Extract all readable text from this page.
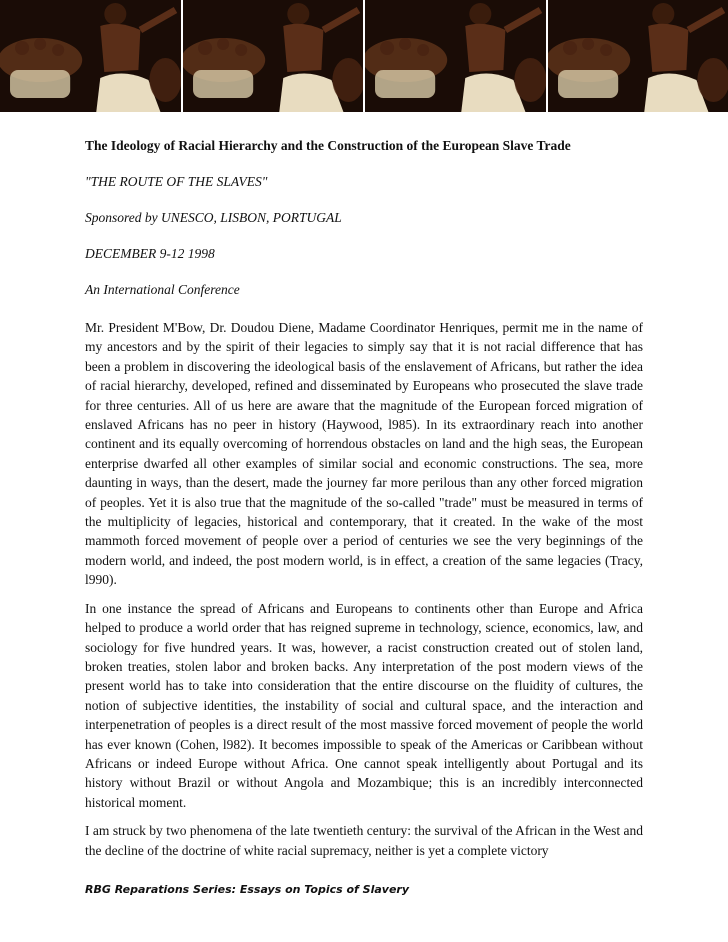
The Ideology of Racial Hierarchy and the Construction of the European Slave Trade

"THE ROUTE OF THE SLAVES"

Sponsored by UNESCO, LISBON, PORTUGAL

DECEMBER 9-12 1998

An International Conference

Mr. President M'Bow, Dr. Doudou Diene, Madame Coordinator Henriques, permit me in the name of my ancestors and by the spirit of their legacies to simply say that it is not racial difference that has been a problem in discovering the ideological basis of the enslavement of Africans, but rather the idea of racial hierarchy, developed, refined and disseminated by Europeans who prosecuted the slave trade for three centuries. All of us here are aware that the magnitude of the European forced migration of enslaved Africans has no peer in history (Haywood, l985). In its extraordinary reach into another continent and its equally overcoming of horrendous obstacles on land and the high seas, the European enterprise dwarfed all other examples of similar social and economic constructions. The sea, more daunting in ways, than the desert, made the journey far more perilous than any other forced migration of peoples. Yet it is also true that the magnitude of the so-called "trade" must be measured in terms of the multiplicity of legacies, historical and contemporary, that it created. In the wake of the most mammoth forced movement of people over a period of centuries we see the very beginnings of the modern world, and indeed, the post modern world, is in effect, a creation of the same legacies (Tracy, l990).

In one instance the spread of Africans and Europeans to continents other than Europe and Africa helped to produce a world order that has reigned supreme in technology, science, economics, law, and sociology for five hundred years. It was, however, a racist construction created out of stolen land, broken treaties, stolen labor and broken backs. Any interpretation of the post modern views of the present world has to take into consideration that the entire discourse on the fluidity of cultures, the notion of subjective identities, the instability of social and cultural space, and the interaction and interpenetration of peoples is a direct result of the most massive forced movement of people the world has ever known (Cohen, l982). It becomes impossible to speak of the Americas or Caribbean without Africans or indeed Europe without Africa. One cannot speak intelligently about Portugal and its history without Brazil or without Angola and Mozambique; this is an incredibly interconnected historical moment.

I am struck by two phenomena of the late twentieth century: the survival of the African in the West and the decline of the doctrine of white racial supremacy, neither is yet a complete victory

RBG Reparations Series: Essays on Topics of Slavery
